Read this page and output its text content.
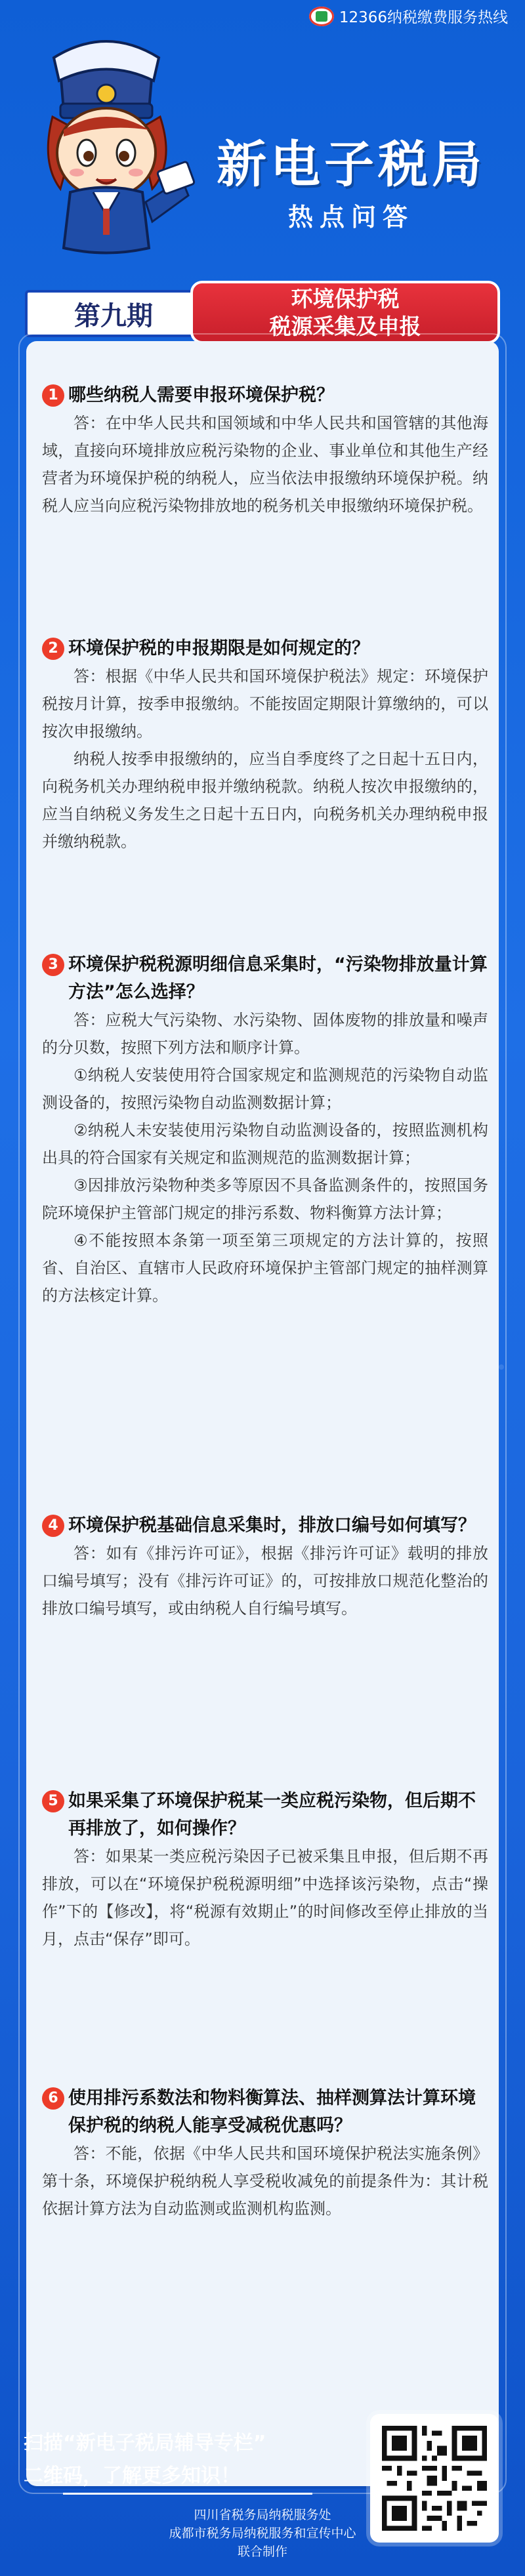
12366纳税缴费服务热线
新电子税局
热点问答
第九期
环境保护税
税源采集及申报
1 哪些纳税人需要申报环境保护税？

答：在中华人民共和国领域和中华人民共和国管辖的其他海域，直接向环境排放应税污染物的企业、事业单位和其他生产经营者为环境保护税的纳税人，应当依法申报缴纳环境保护税。纳税人应当向应税污染物排放地的税务机关申报缴纳环境保护税。

2 环境保护税的申报期限是如何规定的？

答：根据《中华人民共和国环境保护税法》规定：环境保护税按月计算，按季申报缴纳。不能按固定期限计算缴纳的，可以按次申报缴纳。

纳税人按季申报缴纳的，应当自季度终了之日起十五日内，向税务机关办理纳税申报并缴纳税款。纳税人按次申报缴纳的，应当自纳税义务发生之日起十五日内，向税务机关办理纳税申报并缴纳税款。

3 环境保护税税源明细信息采集时，“污染物排放量计算方法”怎么选择？

答：应税大气污染物、水污染物、固体废物的排放量和噪声的分贝数，按照下列方法和顺序计算。

①纳税人安装使用符合国家规定和监测规范的污染物自动监测设备的，按照污染物自动监测数据计算；

②纳税人未安装使用污染物自动监测设备的，按照监测机构出具的符合国家有关规定和监测规范的监测数据计算；

③因排放污染物种类多等原因不具备监测条件的，按照国务院环境保护主管部门规定的排污系数、物料衡算方法计算；

④不能按照本条第一项至第三项规定的方法计算的，按照省、自治区、直辖市人民政府环境保护主管部门规定的抽样测算的方法核定计算。

4 环境保护税基础信息采集时，排放口编号如何填写？

答：如有《排污许可证》，根据《排污许可证》载明的排放口编号填写；没有《排污许可证》的，可按排放口规范化整治的排放口编号填写，或由纳税人自行编号填写。

5 如果采集了环境保护税某一类应税污染物，但后期不再排放了，如何操作？

答：如果某一类应税污染因子已被采集且申报，但后期不再排放，可以在“环境保护税税源明细”中选择该污染物，点击“操作”下的【修改】，将“税源有效期止”的时间修改至停止排放的当月，点击“保存”即可。

6 使用排污系数法和物料衡算法、抽样测算法计算环境保护税的纳税人能享受减税优惠吗？

答：不能，依据《中华人民共和国环境保护税法实施条例》第十条，环境保护税纳税人享受税收减免的前提条件为：其计税依据计算方法为自动监测或监测机构监测。

扫描“新电子税局辅导专栏”
二维码，了解更多知识！
四川省税务局纳税服务处
成都市税务局纳税服务和宣传中心
联合制作
